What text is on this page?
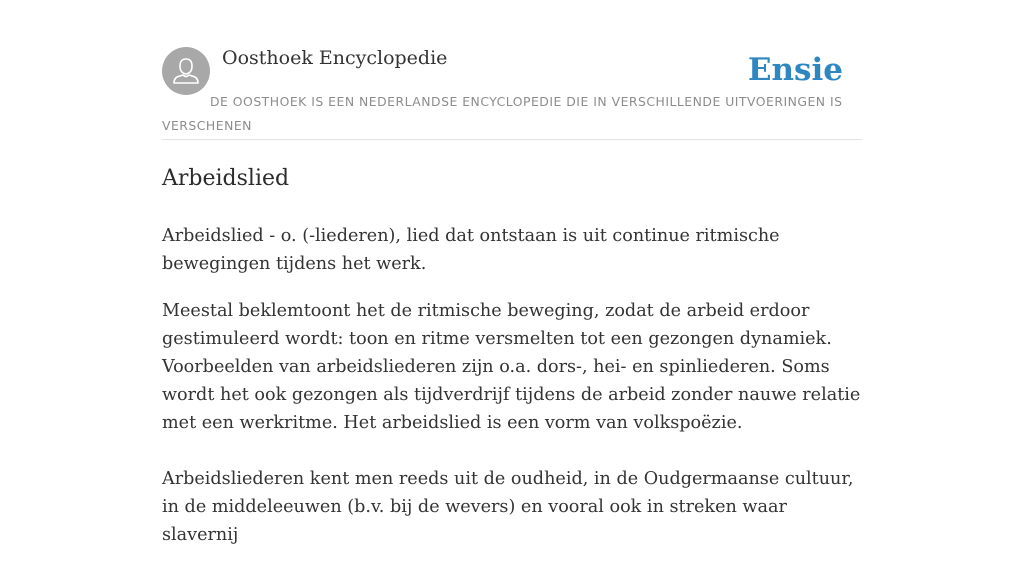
Oosthoek Encyclopedie	Ensie
DE OOSTHOEK IS EEN NEDERLANDSE ENCYCLOPEDIE DIE IN VERSCHILLENDE UITVOERINGEN IS VERSCHENEN
Arbeidslied

Arbeidslied - o. (-liederen), lied dat ontstaan is uit continue ritmische bewegingen tijdens het werk.

Meestal beklemtoont het de ritmische beweging, zodat de arbeid erdoor gestimuleerd wordt: toon en ritme versmelten tot een gezongen dynamiek. Voorbeelden van arbeidsliederen zijn o.a. dors-, hei- en spinliederen. Soms wordt het ook gezongen als tijdverdrijf tijdens de arbeid zonder nauwe relatie met een werkritme. Het arbeidslied is een vorm van volkspoëzie.

Arbeidsliederen kent men reeds uit de oudheid, in de Oudgermaanse cultuur, in de middeleeuwen (b.v. bij de wevers) en vooral ook in streken waar slavernij
